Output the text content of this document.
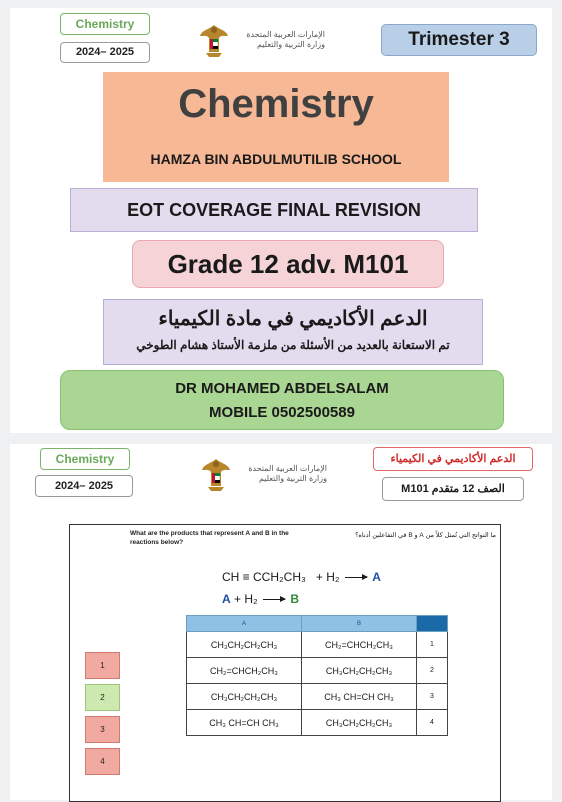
Chemistry
2024– 2025
الإمارات العربية المتحدة
وزارة التربية والتعليم	Trimester 3
Chemistry
HAMZA BIN ABDULMUTILIB SCHOOL
EOT COVERAGE FINAL REVISION
Grade 12 adv. M101
الدعم الأكاديمي في مادة الكيمياء
تم الاستعانة بالعديد من الأسئلة من ملزمة الأستاذ هشام الطوخي
DR MOHAMED ABDELSALAM
MOBILE 0502500589
Chemistry
2024– 2025
الإمارات العربية المتحدة
وزارة التربية والتعليم
الدعم الأكاديمي في الكيمياء
الصف 12 متقدم M101
What are the products that represent A and B in the reactions below?
ما النواتج التي تُمثل كلاً من A و B في التفاعلين أدناه؟
CH ≡ CCH₂CH₃ + H₂	A
A + H₂	B
A	B	
CH₃CH₂CH₂CH₃	CH₂=CHCH₂CH₃	1
CH₂=CHCH₂CH₃	CH₃CH₂CH₂CH₃	2
CH₃CH₂CH₂CH₃	CH₃ CH=CH CH₃	3
CH₃ CH=CH CH₃	CH₃CH₂CH₂CH₃	4
1
2
3
4
